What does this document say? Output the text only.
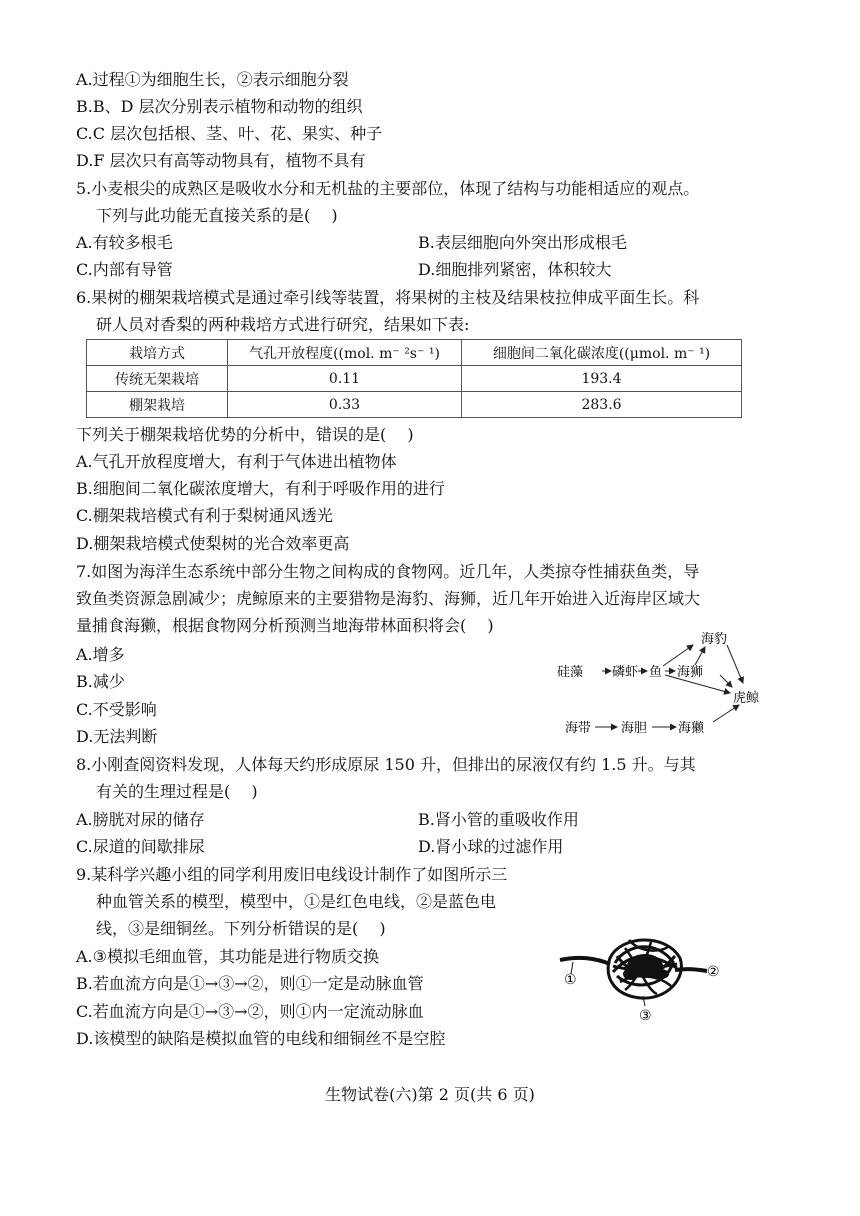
A.过程①为细胞生长，②表示细胞分裂
B.B、D 层次分别表示植物和动物的组织
C.C 层次包括根、茎、叶、花、果实、种子
D.F 层次只有高等动物具有，植物不具有
5.小麦根尖的成熟区是吸收水分和无机盐的主要部位，体现了结构与功能相适应的观点。
下列与此功能无直接关系的是(　 )
A.有较多根毛	B.表层细胞向外突出形成根毛
C.内部有导管	D.细胞排列紧密，体积较大
6.果树的棚架栽培模式是通过牵引线等装置，将果树的主枝及结果枝拉伸成平面生长。科
研人员对香梨的两种栽培方式进行研究，结果如下表:
栽培方式	气孔开放程度((mol. m⁻ ²s⁻ ¹)	细胞间二氧化碳浓度((μmol. m⁻ ¹)
传统无架栽培	0.11	193.4
棚架栽培	0.33	283.6
下列关于棚架栽培优势的分析中，错误的是(　 )
A.气孔开放程度增大，有利于气体进出植物体
B.细胞间二氧化碳浓度增大，有利于呼吸作用的进行
C.棚架栽培模式有利于梨树通风透光
D.棚架栽培模式使梨树的光合效率更高
7.如图为海洋生态系统中部分生物之间构成的食物网。近几年，人类掠夺性捕获鱼类，导
致鱼类资源急剧减少；虎鲸原来的主要猎物是海豹、海狮，近几年开始进入近海岸区域大
量捕食海獭，根据食物网分析预测当地海带林面积将会(　 )
A.增多
B.减少
C.不受影响
D.无法判断
硅藻 磷虾 鱼 海狮
海豹
虎鲸
海带 海胆 海獭
8.小刚查阅资料发现，人体每天约形成原尿 150 升，但排出的尿液仅有约 1.5 升。与其
有关的生理过程是(　 )
A.膀胱对尿的储存	B.肾小管的重吸收作用
C.尿道的间歇排尿	D.肾小球的过滤作用
9.某科学兴趣小组的同学利用废旧电线设计制作了如图所示三
种血管关系的模型，模型中，①是红色电线，②是蓝色电
线，③是细铜丝。下列分析错误的是(　 )
A.③模拟毛细血管，其功能是进行物质交换
B.若血流方向是①→③→②，则①一定是动脉血管
C.若血流方向是①→③→②，则①内一定流动脉血
D.该模型的缺陷是模拟血管的电线和细铜丝不是空腔
①	②
③
生物试卷(六)第 2 页(共 6 页)
